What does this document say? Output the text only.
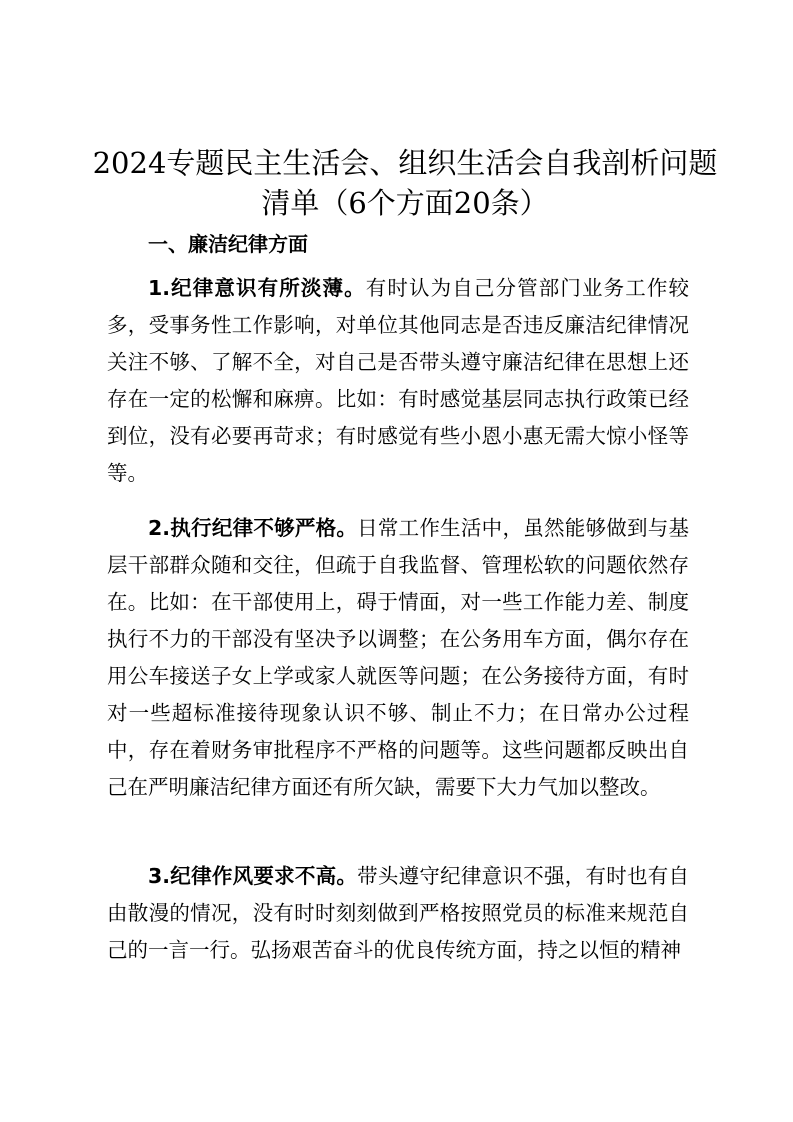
2024专题民主生活会、组织生活会自我剖析问题清单（6个方面20条）
一、廉洁纪律方面

1.纪律意识有所淡薄。有时认为自己分管部门业务工作较多，受事务性工作影响，对单位其他同志是否违反廉洁纪律情况关注不够、了解不全，对自己是否带头遵守廉洁纪律在思想上还存在一定的松懈和麻痹。比如：有时感觉基层同志执行政策已经到位，没有必要再苛求；有时感觉有些小恩小惠无需大惊小怪等等。

2.执行纪律不够严格。日常工作生活中，虽然能够做到与基层干部群众随和交往，但疏于自我监督、管理松软的问题依然存在。比如：在干部使用上，碍于情面，对一些工作能力差、制度执行不力的干部没有坚决予以调整；在公务用车方面，偶尔存在用公车接送子女上学或家人就医等问题；在公务接待方面，有时对一些超标准接待现象认识不够、制止不力；在日常办公过程中，存在着财务审批程序不严格的问题等。这些问题都反映出自己在严明廉洁纪律方面还有所欠缺，需要下大力气加以整改。

3.纪律作风要求不高。带头遵守纪律意识不强，有时也有自由散漫的情况，没有时时刻刻做到严格按照党员的标准来规范自己的一言一行。弘扬艰苦奋斗的优良传统方面，持之以恒的精神
